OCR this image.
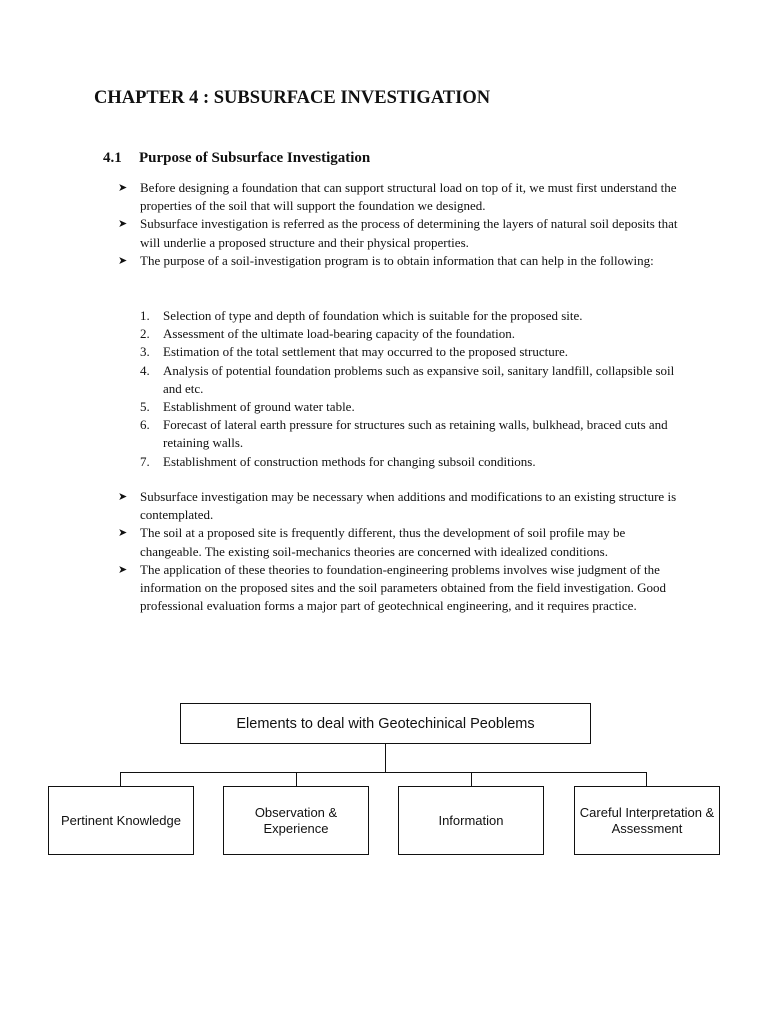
CHAPTER 4 : SUBSURFACE INVESTIGATION
4.1 Purpose of Subsurface Investigation
➤ Before designing a foundation that can support structural load on top of it, we must first understand the properties of the soil that will support the foundation we designed.
➤ Subsurface investigation is referred as the process of determining the layers of natural soil deposits that will underlie a proposed structure and their physical properties.
➤ The purpose of a soil-investigation program is to obtain information that can help in the following:
1. Selection of type and depth of foundation which is suitable for the proposed site.
2. Assessment of the ultimate load-bearing capacity of the foundation.
3. Estimation of the total settlement that may occurred to the proposed structure.
4. Analysis of potential foundation problems such as expansive soil, sanitary landfill, collapsible soil and etc.
5. Establishment of ground water table.
6. Forecast of lateral earth pressure for structures such as retaining walls, bulkhead, braced cuts and retaining walls.
7. Establishment of construction methods for changing subsoil conditions.
➤ Subsurface investigation may be necessary when additions and modifications to an existing structure is contemplated.
➤ The soil at a proposed site is frequently different, thus the development of soil profile may be changeable. The existing soil-mechanics theories are concerned with idealized conditions.
➤ The application of these theories to foundation-engineering problems involves wise judgment of the information on the proposed sites and the soil parameters obtained from the field investigation. Good professional evaluation forms a major part of geotechnical engineering, and it requires practice.
Elements to deal with Geotechinical Peoblems
Pertinent Knowledge
Observation & Experience
Information
Careful Interpretation & Assessment
